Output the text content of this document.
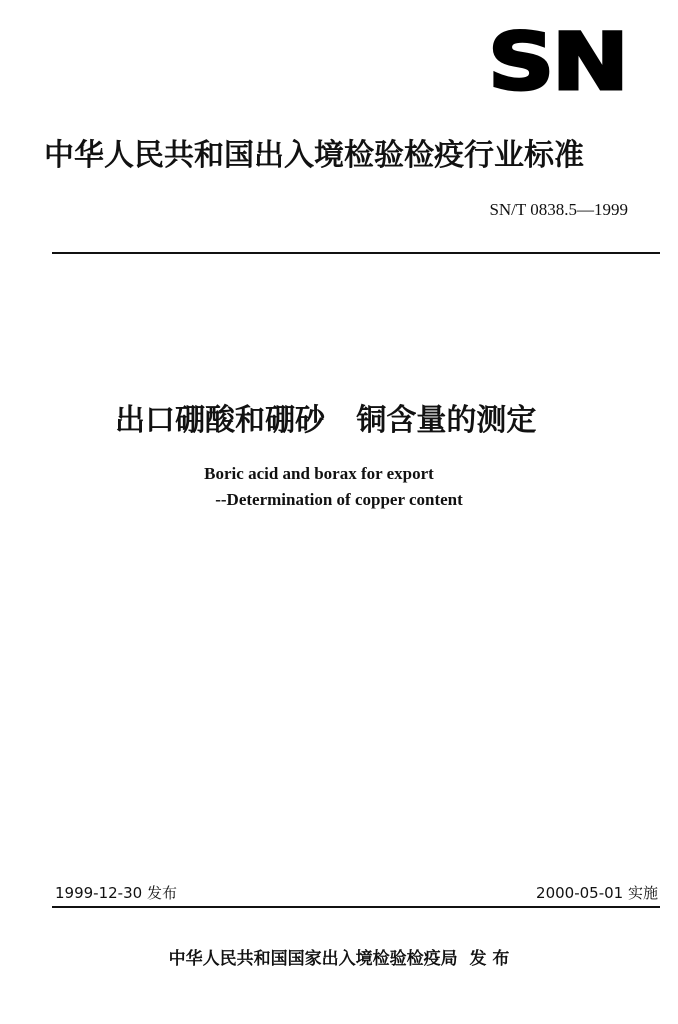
SN
中华人民共和国出入境检验检疫行业标准
SN/T 0838.5—1999
出口硼酸和硼砂   铜含量的测定
Boric acid and borax for export
--Determination of copper content
1999-12-30 发布	2000-05-01 实施
中华人民共和国国家出入境检验检疫局  发 布
